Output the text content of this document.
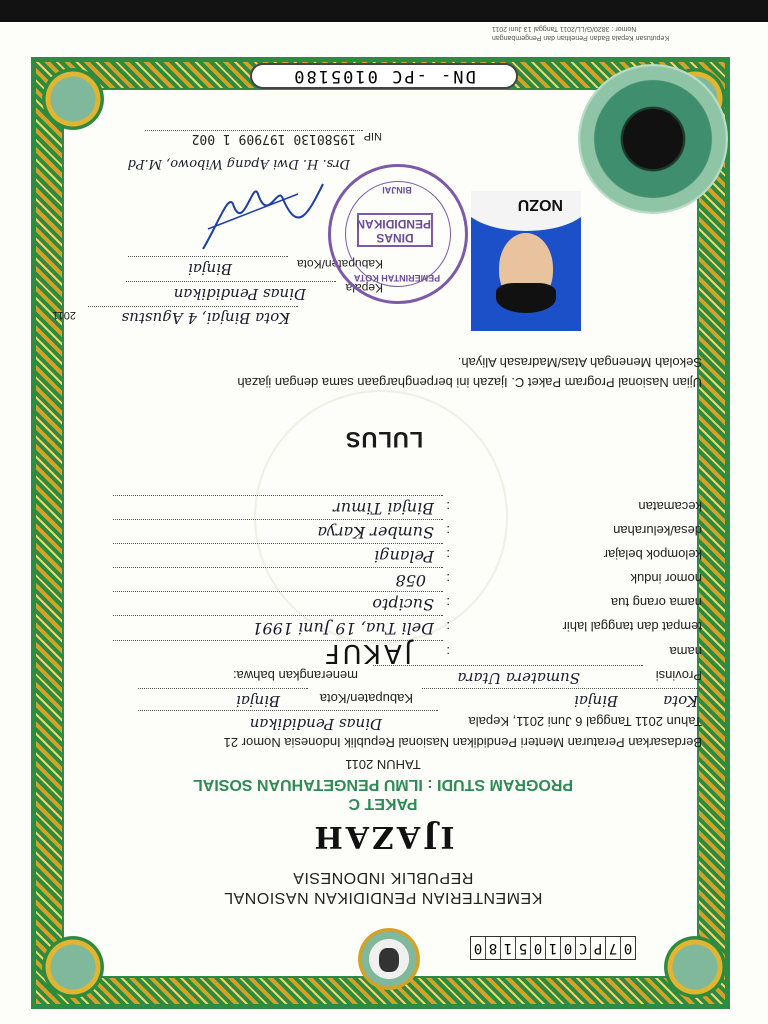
Keputusan Kepala Badan Penelitian dan Pengembangan
Nomor : 3820/G/LL/2011 Tanggal 13 Juni 2011
0
7
P
C
0
1
0
5
1
8
0
KEMENTERIAN PENDIDIKAN NASIONAL
REPUBLIK INDONESIA
IJAZAH
PAKET C
PROGRAM STUDI : ILMU PENGETAHUAN SOSIAL
TAHUN 2011
Berdasarkan Peraturan Menteri Pendidikan Nasional Republik Indonesia Nomor 21
Tahun 2011 Tanggal 6 Juni 2011, Kepala
Dinas Pendidikan
Kota
Binjai
Kabupaten/Kota
Binjai
Provinsi
Sumatera Utara
menerangkan bahwa:
nama
:
JAKUF
tempat dan tanggal lahir
:
Deli Tua, 19 Juni 1991
nama orang tua
:
Sucipto
nomor induk
:
058
kelompok belajar
:
Pelangi
desa/kelurahan
:
Sumber Karya
kecamatan
:
Binjai Timur
LULUS
Ujian Nasional Program Paket C. Ijazah ini berpenghargaan sama dengan ijazah
Sekolah Menengah Atas/Madrasah Aliyah.
Kota Binjai, 4 Agustus
2011
Kepala
Dinas Pendidikan
Kabupaten/Kota
Binjai
Drs. H. Dwi Apang Wibowo, M.Pd
NIP
19580130 197909 1 002
PEMERINTAH KOTA
DINAS
PENDIDIKAN
BINJAI
NOZU
DN- -PC 0105180
